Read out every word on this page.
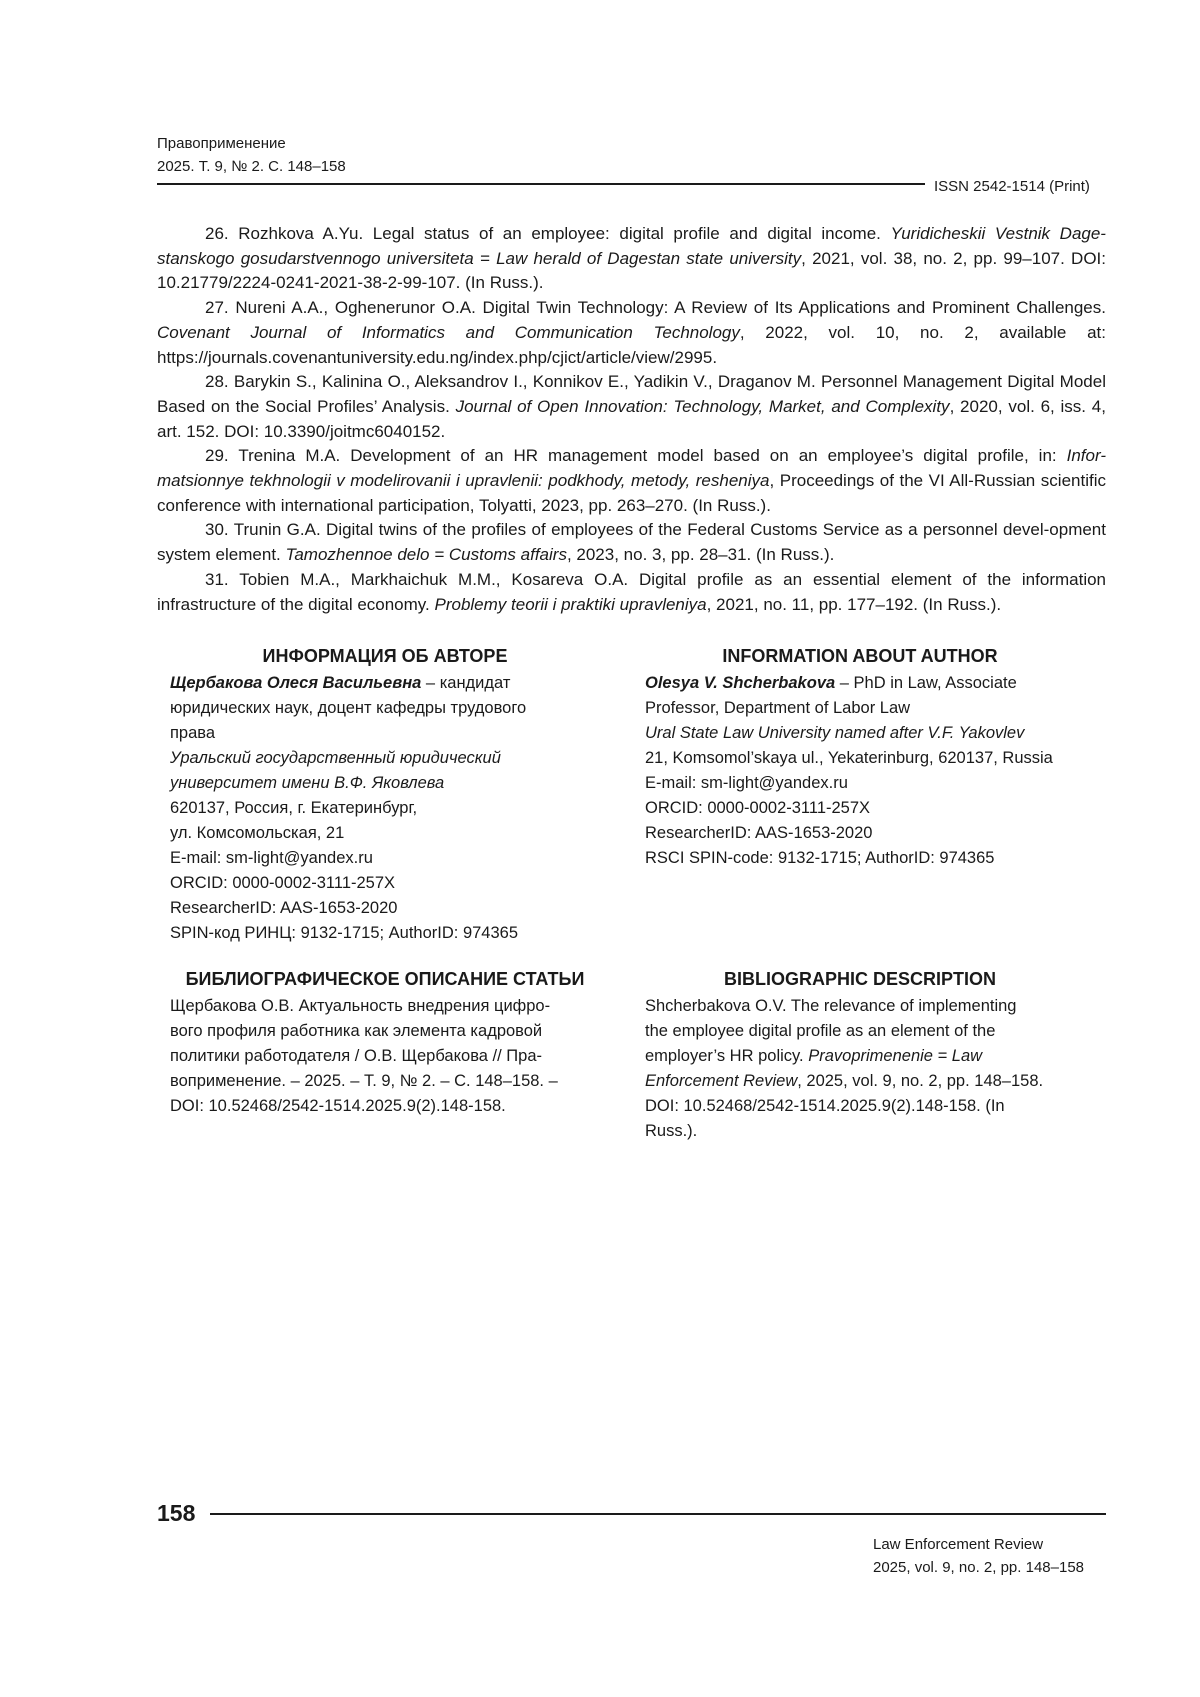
Правоприменение
2025. Т. 9, № 2. С. 148–158
ISSN 2542-1514 (Print)

26. Rozhkova A.Yu. Legal status of an employee: digital profile and digital income. Yuridicheskii Vestnik Dage-stanskogo gosudarstvennogo universiteta = Law herald of Dagestan state university, 2021, vol. 38, no. 2, pp. 99–107. DOI: 10.21779/2224-0241-2021-38-2-99-107. (In Russ.).

27. Nureni A.A., Oghenerunor O.A. Digital Twin Technology: A Review of Its Applications and Prominent Challenges. Covenant Journal of Informatics and Communication Technology, 2022, vol. 10, no. 2, available at: https://journals.covenantuniversity.edu.ng/index.php/cjict/article/view/2995.

28. Barykin S., Kalinina O., Aleksandrov I., Konnikov E., Yadikin V., Draganov M. Personnel Management Digital Model Based on the Social Profiles’ Analysis. Journal of Open Innovation: Technology, Market, and Complexity, 2020, vol. 6, iss. 4, art. 152. DOI: 10.3390/joitmc6040152.

29. Trenina M.A. Development of an HR management model based on an employee’s digital profile, in: Infor-matsionnye tekhnologii v modelirovanii i upravlenii: podkhody, metody, resheniya, Proceedings of the VI All-Russian scientific conference with international participation, Tolyatti, 2023, pp. 263–270. (In Russ.).

30. Trunin G.A. Digital twins of the profiles of employees of the Federal Customs Service as a personnel devel-opment system element. Tamozhennoe delo = Customs affairs, 2023, no. 3, pp. 28–31. (In Russ.).

31. Tobien M.A., Markhaichuk M.M., Kosareva O.A. Digital profile as an essential element of the information infrastructure of the digital economy. Problemy teorii i praktiki upravleniya, 2021, no. 11, pp. 177–192. (In Russ.).

ИНФОРМАЦИЯ ОБ АВТОРЕ
Щербакова Олеся Васильевна – кандидат
юридических наук, доцент кафедры трудового
права
Уральский государственный юридический
университет имени В.Ф. Яковлева
620137, Россия, г. Екатеринбург,
ул. Комсомольская, 21
E-mail: sm-light@yandex.ru
ORCID: 0000-0002-3111-257X
ResearcherID: AAS-1653-2020
SPIN-код РИНЦ: 9132-1715; AuthorID: 974365
INFORMATION ABOUT AUTHOR
Olesya V. Shcherbakova – PhD in Law, Associate
Professor, Department of Labor Law
Ural State Law University named after V.F. Yakovlev
21, Komsomol’skaya ul., Yekaterinburg, 620137, Russia
E-mail: sm-light@yandex.ru
ORCID: 0000-0002-3111-257X
ResearcherID: AAS-1653-2020
RSCI SPIN-code: 9132-1715; AuthorID: 974365
БИБЛИОГРАФИЧЕСКОЕ ОПИСАНИЕ СТАТЬИ
Щербакова О.В. Актуальность внедрения цифро-
вого профиля работника как элемента кадровой
политики работодателя / О.В. Щербакова // Пра-
воприменение. – 2025. – Т. 9, № 2. – С. 148–158. –
DOI: 10.52468/2542-1514.2025.9(2).148-158.
BIBLIOGRAPHIC DESCRIPTION
Shcherbakova O.V. The relevance of implementing
the employee digital profile as an element of the
employer’s HR policy. Pravoprimenenie = Law
Enforcement Review, 2025, vol. 9, no. 2, pp. 148–158.
DOI: 10.52468/2542-1514.2025.9(2).148-158. (In
Russ.).
158
Law Enforcement Review
2025, vol. 9, no. 2, pp. 148–158
